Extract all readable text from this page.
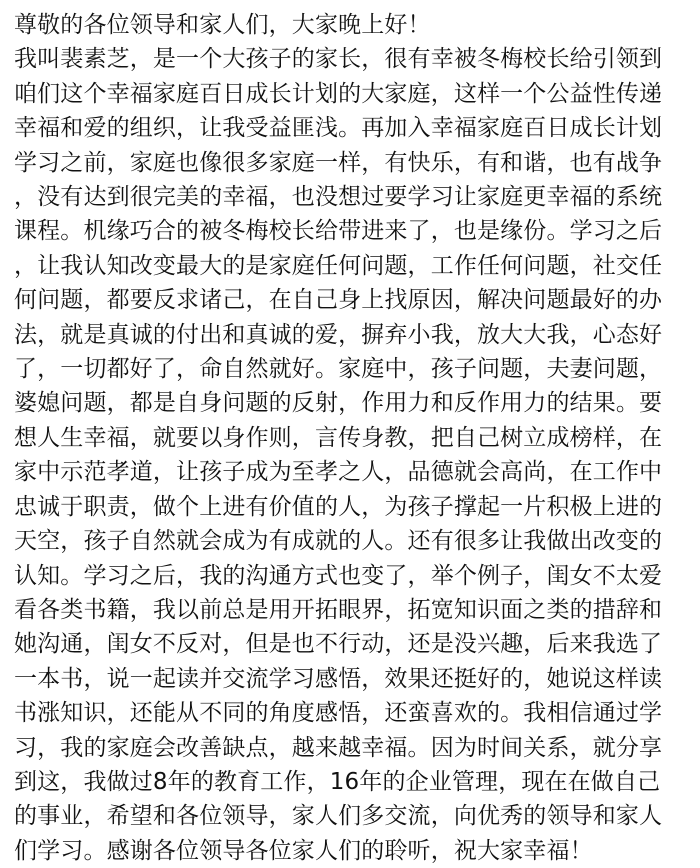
尊敬的各位领导和家人们，大家晚上好！
我叫裴素芝，是一个大孩子的家长，很有幸被冬梅校长给引领到
咱们这个幸福家庭百日成长计划的大家庭，这样一个公益性传递
幸福和爱的组织，让我受益匪浅。再加入幸福家庭百日成长计划
学习之前，家庭也像很多家庭一样，有快乐，有和谐，也有战争
，没有达到很完美的幸福，也没想过要学习让家庭更幸福的系统
课程。机缘巧合的被冬梅校长给带进来了，也是缘份。学习之后
，让我认知改变最大的是家庭任何问题，工作任何问题，社交任
何问题，都要反求诸己，在自己身上找原因，解决问题最好的办
法，就是真诚的付出和真诚的爱，摒弃小我，放大大我，心态好
了，一切都好了，命自然就好。家庭中，孩子问题，夫妻问题，
婆媳问题，都是自身问题的反射，作用力和反作用力的结果。要
想人生幸福，就要以身作则，言传身教，把自己树立成榜样，在
家中示范孝道，让孩子成为至孝之人，品德就会高尚，在工作中
忠诚于职责，做个上进有价值的人，为孩子撑起一片积极上进的
天空，孩子自然就会成为有成就的人。还有很多让我做出改变的
认知。学习之后，我的沟通方式也变了，举个例子，闺女不太爱
看各类书籍，我以前总是用开拓眼界，拓宽知识面之类的措辞和
她沟通，闺女不反对，但是也不行动，还是没兴趣，后来我选了
一本书，说一起读并交流学习感悟，效果还挺好的，她说这样读
书涨知识，还能从不同的角度感悟，还蛮喜欢的。我相信通过学
习，我的家庭会改善缺点，越来越幸福。因为时间关系，就分享
到这，我做过8年的教育工作，16年的企业管理，现在在做自己
的事业，希望和各位领导，家人们多交流，向优秀的领导和家人
们学习。感谢各位领导各位家人们的聆听，祝大家幸福！
